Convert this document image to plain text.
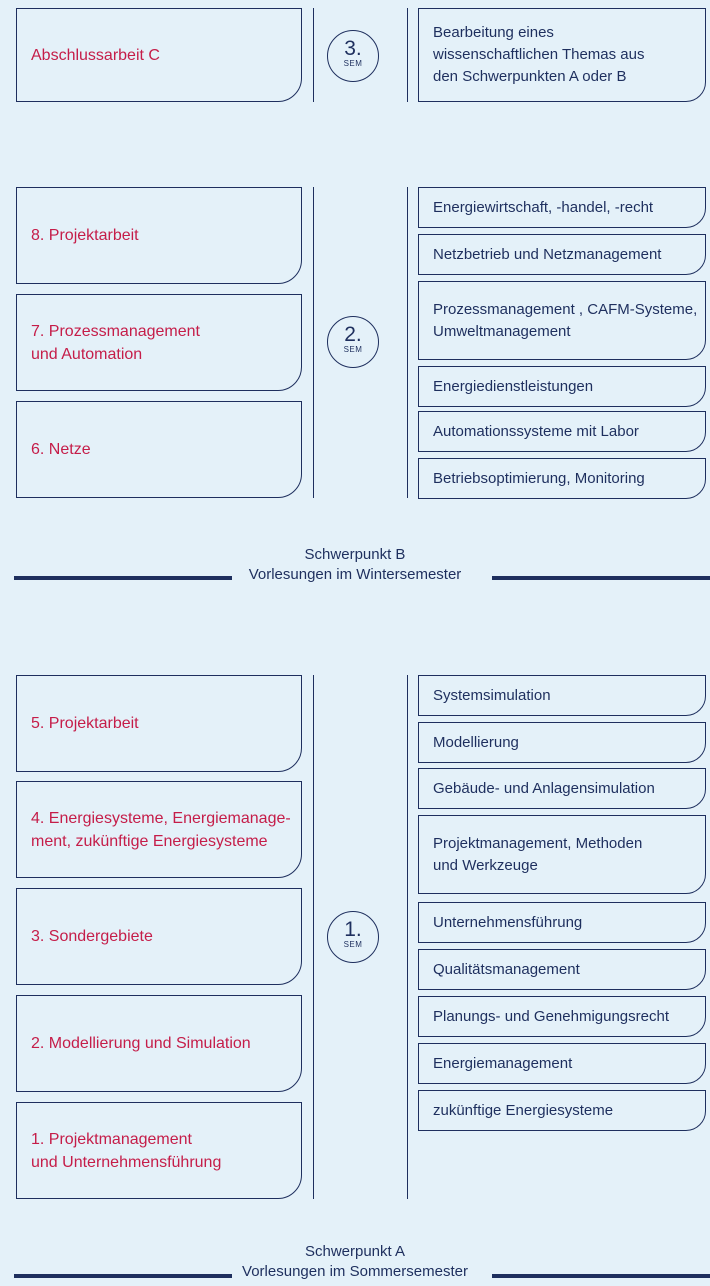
Abschlussarbeit C	3.
SEM
Bearbeitung eines
wissenschaftlichen Themas aus
den Schwerpunkten A oder B
8. Projektarbeit
7. Prozessmanagement
und Automation
6. Netze
2.
SEM
Energiewirtschaft, -handel, -recht
Netzbetrieb und Netzmanagement
Prozessmanagement , CAFM-Systeme,
Umweltmanagement
Energiedienstleistungen
Automationssysteme mit Labor
Betriebsoptimierung, Monitoring
Schwerpunkt B
Vorlesungen im Wintersemester
5. Projektarbeit
4. Energiesysteme, Energiemanage-
ment, zukünftige Energiesysteme
3. Sondergebiete
2. Modellierung und Simulation
1. Projektmanagement
und Unternehmensführung
1.
SEM
Systemsimulation
Modellierung
Gebäude- und Anlagensimulation
Projektmanagement, Methoden
und Werkzeuge
Unternehmensführung
Qualitätsmanagement
Planungs- und Genehmigungsrecht
Energiemanagement
zukünftige Energiesysteme
Schwerpunkt A
Vorlesungen im Sommersemester
